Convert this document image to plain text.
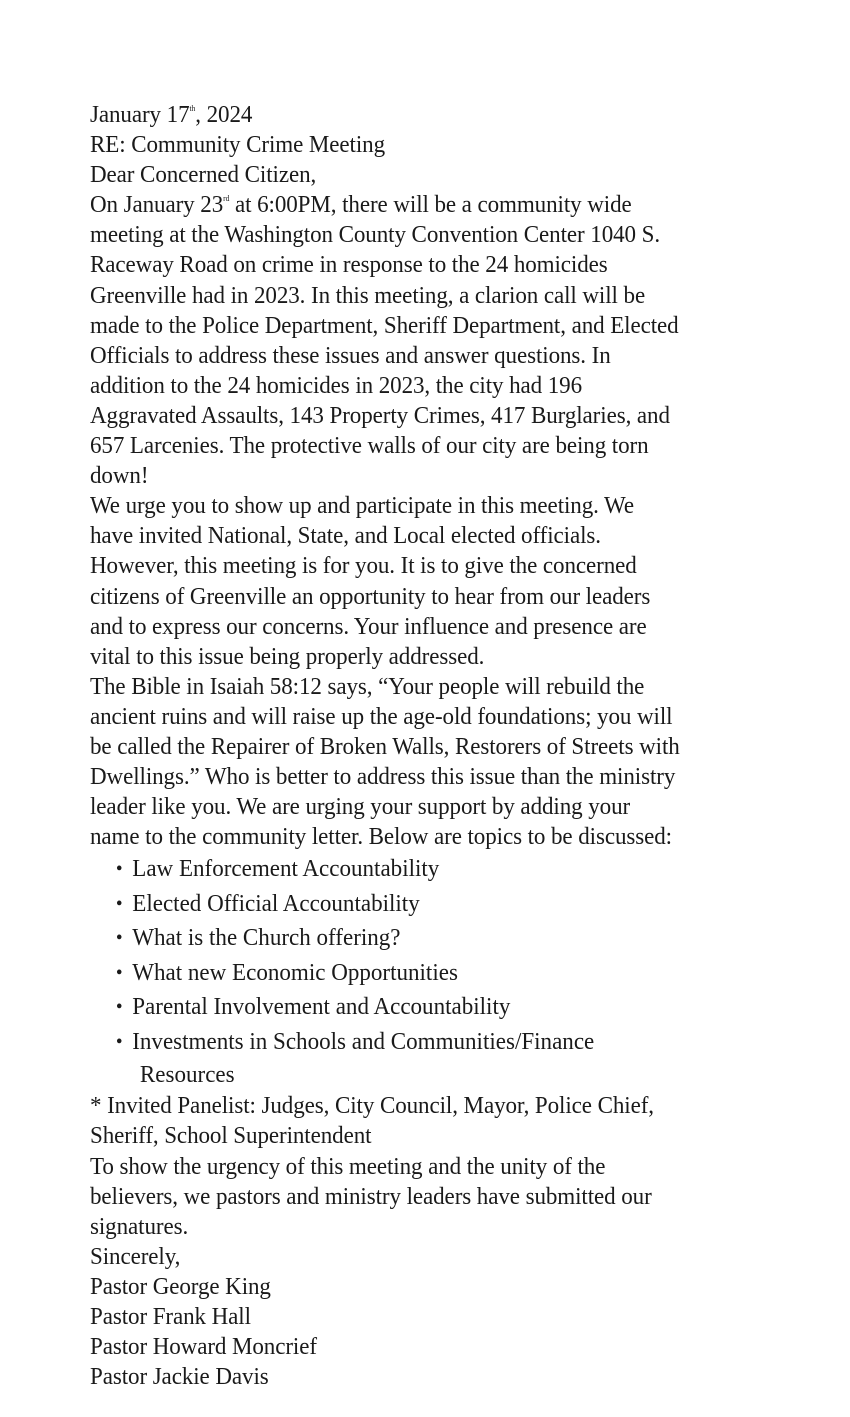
January 17th, 2024
RE: Community Crime Meeting
Dear Concerned Citizen,
On January 23rd at 6:00PM, there will be a community wide
meeting at the Washington County Convention Center 1040 S.
Raceway Road on crime in response to the 24 homicides
Greenville had in 2023. In this meeting, a clarion call will be
made to the Police Department, Sheriff Department, and Elected
Officials to address these issues and answer questions. In
addition to the 24 homicides in 2023, the city had 196
Aggravated Assaults, 143 Property Crimes, 417 Burglaries, and
657 Larcenies. The protective walls of our city are being torn
down!
We urge you to show up and participate in this meeting. We
have invited National, State, and Local elected officials.
However, this meeting is for you. It is to give the concerned
citizens of Greenville an opportunity to hear from our leaders
and to express our concerns. Your influence and presence are
vital to this issue being properly addressed.
The Bible in Isaiah 58:12 says, “Your people will rebuild the
ancient ruins and will raise up the age-old foundations; you will
be called the Repairer of Broken Walls, Restorers of Streets with
Dwellings.” Who is better to address this issue than the ministry
leader like you. We are urging your support by adding your
name to the community letter. Below are topics to be discussed:
• Law Enforcement Accountability
• Elected Official Accountability
• What is the Church offering?
• What new Economic Opportunities
• Parental Involvement and Accountability
• Investments in Schools and Communities/Finance
Resources
* Invited Panelist: Judges, City Council, Mayor, Police Chief,
Sheriff, School Superintendent
To show the urgency of this meeting and the unity of the
believers, we pastors and ministry leaders have submitted our
signatures.
Sincerely,
Pastor George King
Pastor Frank Hall
Pastor Howard Moncrief
Pastor Jackie Davis
